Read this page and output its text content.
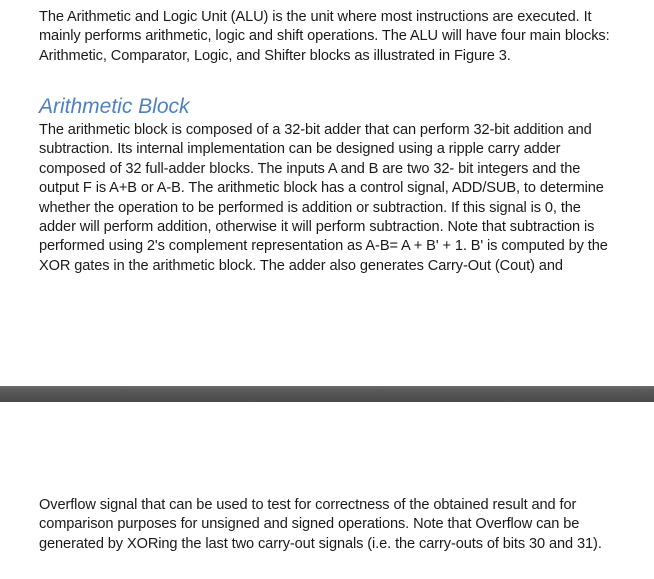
The Arithmetic and Logic Unit (ALU) is the unit where most instructions are executed. It mainly performs arithmetic, logic and shift operations. The ALU will have four main blocks: Arithmetic, Comparator, Logic, and Shifter blocks as illustrated in Figure 3.

Arithmetic Block

The arithmetic block is composed of a 32-bit adder that can perform 32-bit addition and subtraction. Its internal implementation can be designed using a ripple carry adder composed of 32 full-adder blocks. The inputs A and B are two 32- bit integers and the output F is A+B or A-B. The arithmetic block has a control signal, ADD/SUB, to determine whether the operation to be performed is addition or subtraction. If this signal is 0, the adder will perform addition, otherwise it will perform subtraction. Note that subtraction is performed using 2's complement representation as A-B= A + B' + 1. B' is computed by the XOR gates in the arithmetic block. The adder also generates Carry-Out (Cout) and

Overflow signal that can be used to test for correctness of the obtained result and for comparison purposes for unsigned and signed operations. Note that Overflow can be generated by XORing the last two carry-out signals (i.e. the carry-outs of bits 30 and 31).
